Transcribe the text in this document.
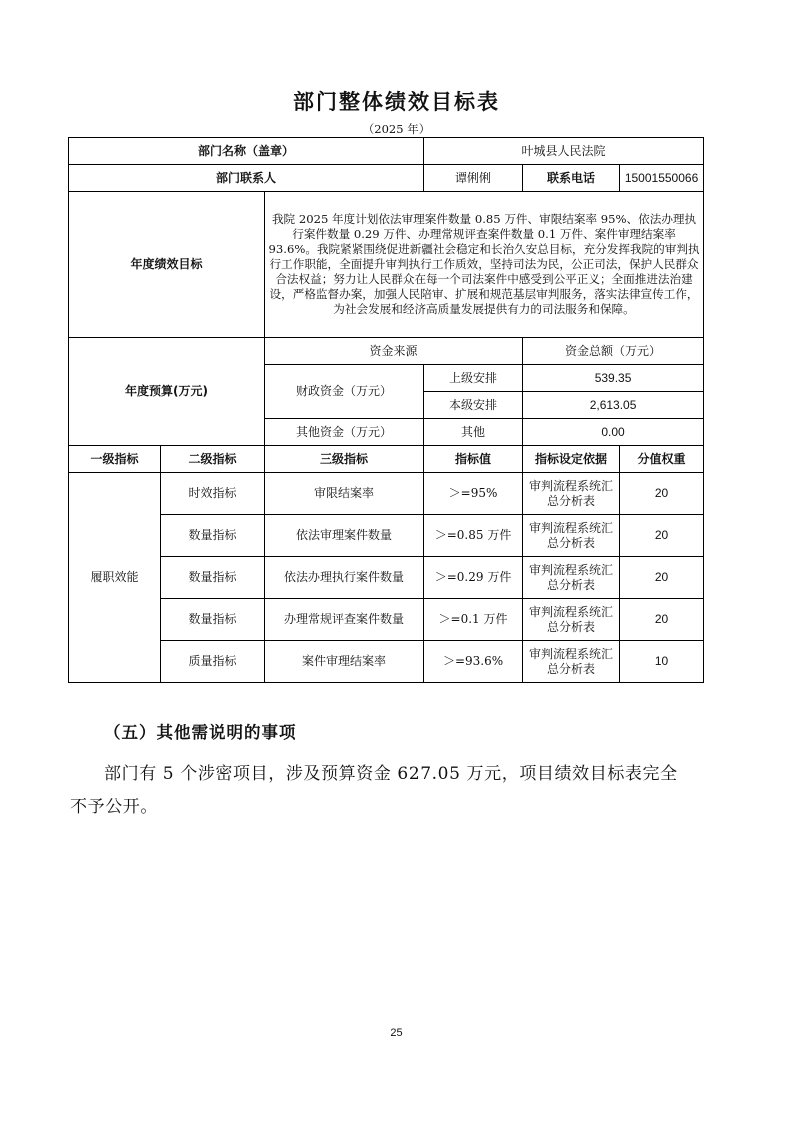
部门整体绩效目标表
（2025 年）
部门名称（盖章）			叶城县人民法院		
部门联系人			谭俐俐	联系电话	15001550066
年度绩效目标		我院 2025 年度计划依法审理案件数量 0.85 万件、审限结案率 95%、依法办理执行案件数量 0.29 万件、办理常规评查案件数量 0.1 万件、案件审理结案率 93.6%。我院紧紧围绕促进新疆社会稳定和长治久安总目标，充分发挥我院的审判执行工作职能，全面提升审判执行工作质效，坚持司法为民，公正司法，保护人民群众合法权益；努力让人民群众在每一个司法案件中感受到公平正义；全面推进法治建设，严格监督办案，加强人民陪审、扩展和规范基层审判服务，落实法律宣传工作，为社会发展和经济高质量发展提供有力的司法服务和保障。			
年度预算(万元)		资金来源		资金总额（万元）	
		财政资金（万元）	上级安排	539.35	
			本级安排	2,613.05	
		其他资金（万元）	其他	0.00	
一级指标	二级指标	三级指标	指标值	指标设定依据	分值权重
履职效能	时效指标	审限结案率	＞=95%	审判流程系统汇总分析表	20
	数量指标	依法审理案件数量	＞=0.85 万件	审判流程系统汇总分析表	20
	数量指标	依法办理执行案件数量	＞=0.29 万件	审判流程系统汇总分析表	20
	数量指标	办理常规评查案件数量	＞=0.1 万件	审判流程系统汇总分析表	20
	质量指标	案件审理结案率	＞=93.6%	审判流程系统汇总分析表	10
（五）其他需说明的事项
部门有 5 个涉密项目，涉及预算资金 627.05 万元，项目绩效目标表完全
不予公开。
25
